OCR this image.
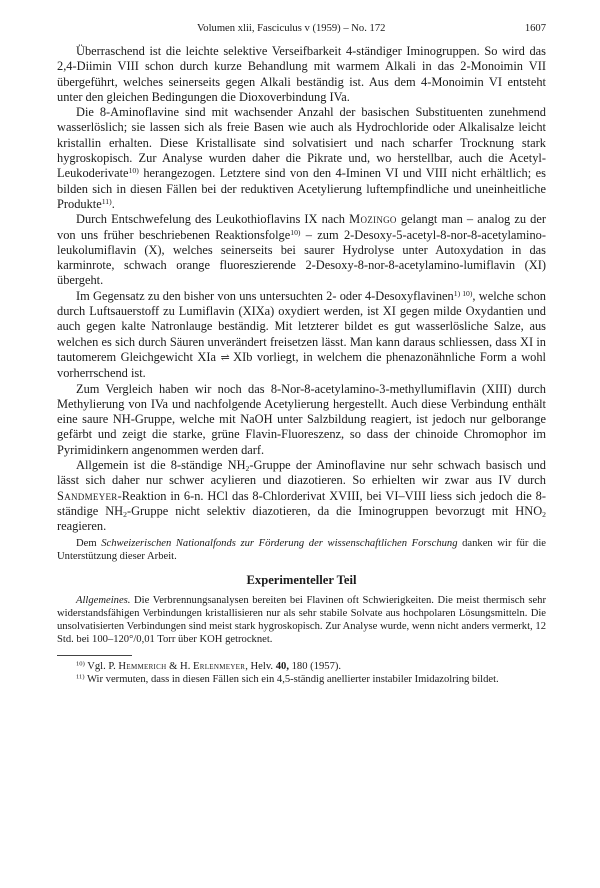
Volumen xlii, Fasciculus v (1959) – No. 172	1607

Überraschend ist die leichte selektive Verseifbarkeit 4-ständiger Iminogruppen. So wird das 2,4-Diimin VIII schon durch kurze Behandlung mit warmem Alkali in das 2-Monoimin VII übergeführt, welches seinerseits gegen Alkali beständig ist. Aus dem 4-Monoimin VI entsteht unter den gleichen Bedingungen die Dioxoverbindung IVa.

Die 8-Aminoflavine sind mit wachsender Anzahl der basischen Substituenten zunehmend wasserlöslich; sie lassen sich als freie Basen wie auch als Hydrochloride oder Alkalisalze leicht kristallin erhalten. Diese Kristallisate sind solvatisiert und nach scharfer Trocknung stark hygroskopisch. Zur Analyse wurden daher die Pikrate und, wo herstellbar, auch die Acetyl-Leukoderivate$^{10)}$ herangezogen. Letztere sind von den 4-Iminen VI und VIII nicht erhältlich; es bilden sich in diesen Fällen bei der reduktiven Acetylierung luftempfindliche und uneinheitliche Produkte$^{11)}$.

Durch Entschwefelung des Leukothioflavins IX nach Mozingo gelangt man – analog zu der von uns früher beschriebenen Reaktionsfolge$^{10)}$ – zum 2-Desoxy-5-acetyl-8-nor-8-acetylamino-leukolumiflavin (X), welches seinerseits bei saurer Hydrolyse unter Autoxydation in das karminrote, schwach orange fluoreszierende 2-Desoxy-8-nor-8-acetylamino-lumiflavin (XI) übergeht.

Im Gegensatz zu den bisher von uns untersuchten 2- oder 4-Desoxyflavinen$^{1) 10)}$, welche schon durch Luftsauerstoff zu Lumiflavin (XIXa) oxydiert werden, ist XI gegen milde Oxydantien und auch gegen kalte Natronlauge beständig. Mit letzterer bildet es gut wasserlösliche Salze, aus welchen es sich durch Säuren unverändert freisetzen lässt. Man kann daraus schliessen, dass XI in tautomerem Gleichgewicht XIa ⇌ XIb vorliegt, in welchem die phenazonähnliche Form a wohl vorherrschend ist.

Zum Vergleich haben wir noch das 8-Nor-8-acetylamino-3-methyllumiflavin (XIII) durch Methylierung von IVa und nachfolgende Acetylierung hergestellt. Auch diese Verbindung enthält eine saure NH-Gruppe, welche mit NaOH unter Salzbildung reagiert, ist jedoch nur gelborange gefärbt und zeigt die starke, grüne Flavin-Fluoreszenz, so dass der chinoide Chromophor im Pyrimidinkern angenommen werden darf.

Allgemein ist die 8-ständige $NH_2$-Gruppe der Aminoflavine nur sehr schwach basisch und lässt sich daher nur schwer acylieren und diazotieren. So erhielten wir zwar aus IV durch Sandmeyer-Reaktion in 6-n. HCl das 8-Chlorderivat XVIII, bei VI–VIII liess sich jedoch die 8-ständige $NH_2$-Gruppe nicht selektiv diazotieren, da die Iminogruppen bevorzugt mit $HNO_2$ reagieren.

Dem Schweizerischen Nationalfonds zur Förderung der wissenschaftlichen Forschung danken wir für die Unterstützung dieser Arbeit.

Experimenteller Teil

Allgemeines. Die Verbrennungsanalysen bereiten bei Flavinen oft Schwierigkeiten. Die meist thermisch sehr widerstandsfähigen Verbindungen kristallisieren nur als sehr stabile Solvate aus hochpolaren Lösungsmitteln. Die unsolvatisierten Verbindungen sind meist stark hygroskopisch. Zur Analyse wurde, wenn nicht anders vermerkt, 12 Std. bei 100–120°/0,01 Torr über KOH getrocknet.

$^{10)}$ Vgl. P. Hemmerich & H. Erlenmeyer, Helv. 40, 180 (1957).

$^{11)}$ Wir vermuten, dass in diesen Fällen sich ein 4,5-ständig anellierter instabiler Imidazolring bildet.
